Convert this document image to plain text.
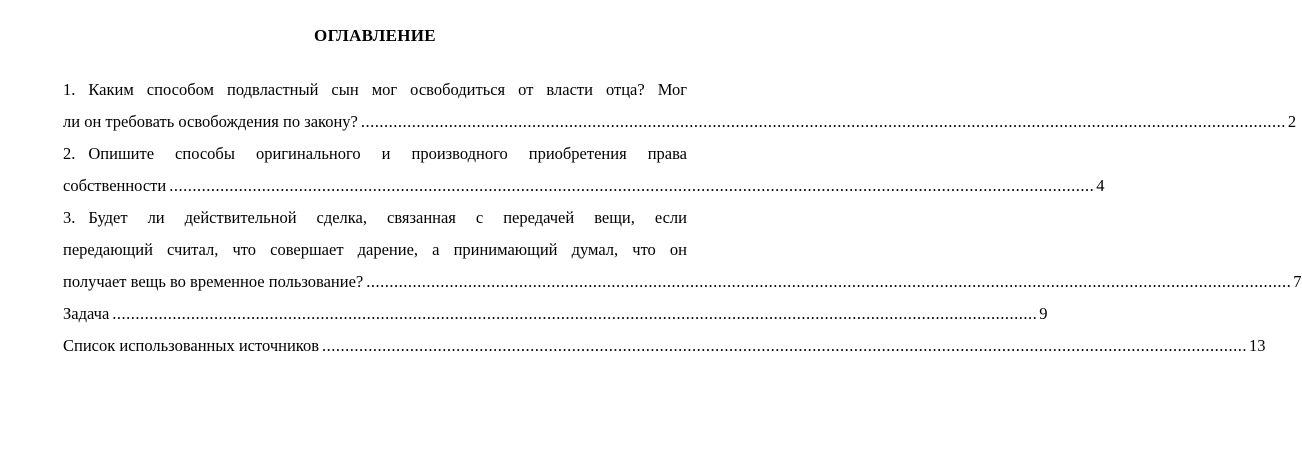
ОГЛАВЛЕНИЕ
1. Каким способом подвластный сын мог освободиться от власти отца? Мог
ли он требовать освобождения по закону? ........................................................................................................................................................................................................ 2
2. Опишите способы оригинального и производного приобретения права
собственности ........................................................................................................................................................................................................ 4
3. Будет ли действительной сделка, связанная с передачей вещи, если
передающий считал, что совершает дарение, а принимающий думал, что он
получает вещь во временное пользование? ........................................................................................................................................................................................................ 7
Задача ........................................................................................................................................................................................................ 9
Список использованных источников ........................................................................................................................................................................................................ 13
